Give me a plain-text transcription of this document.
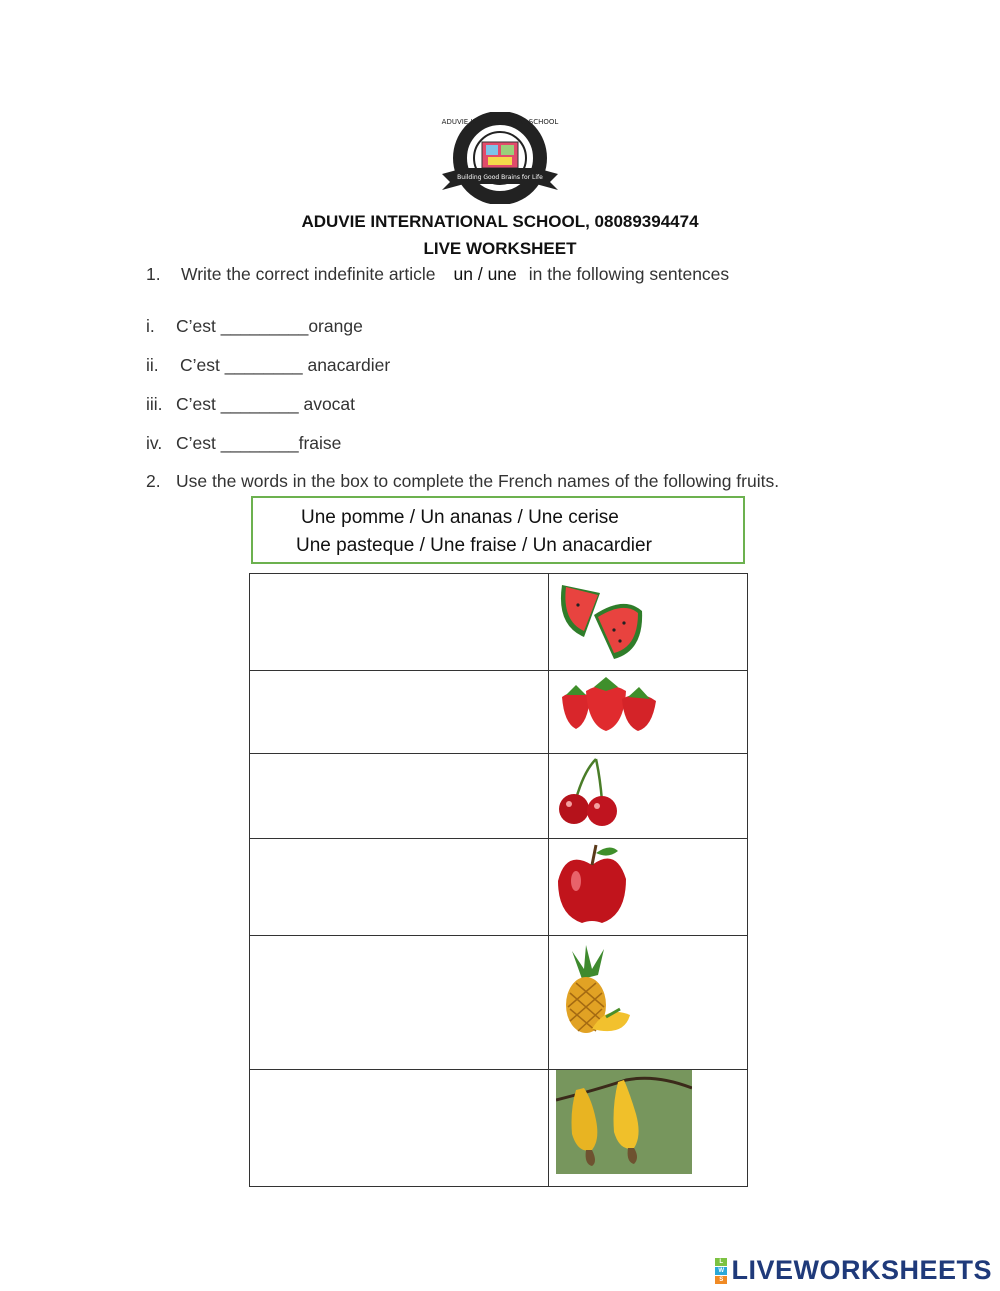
ADUVIE INTERNATIONAL SCHOOL
Building Good Brains for Life
ADUVIE INTERNATIONAL SCHOOL, 08089394474
LIVE WORKSHEET
1. Write the correct indefinite article un / une in the following sentences
i. C’est _________orange
ii. C’est ________ anacardier
iii. C’est ________ avocat
iv. C’est ________fraise
2. Use the words in the box to complete the French names of the following fruits.
Une pomme / Un ananas / Une cerise
Une pasteque / Une fraise / Un anacardier
L
W
S LIVEWORKSHEETS
